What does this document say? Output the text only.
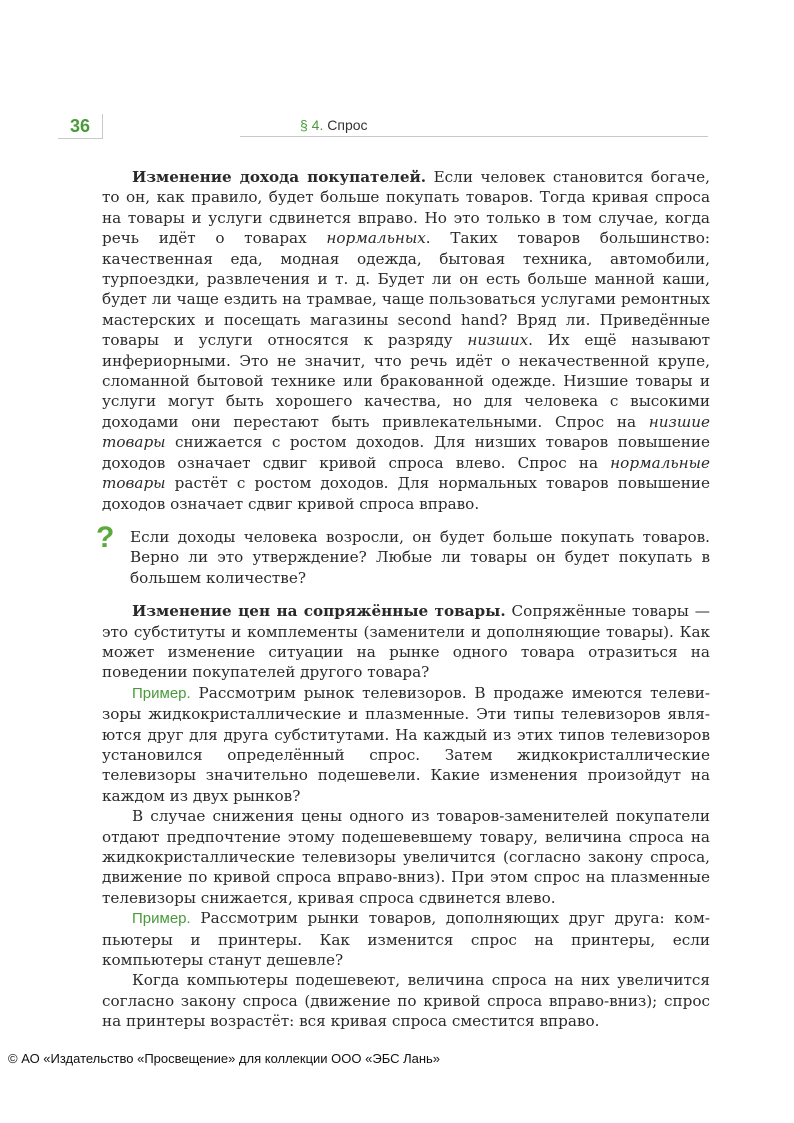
36	§ 4. Спрос

Изменение дохода покупателей. Если человек становится богаче, то он, как правило, будет больше покупать товаров. Тогда кривая спроса на товары и услуги сдвинется вправо. Но это только в том случае, когда речь идёт о товарах нормальных. Таких товаров большинство: качественная еда, модная одежда, бытовая техника, автомобили, турпоездки, развлечения и т. д. Будет ли он есть больше манной каши, будет ли чаще ездить на трамвае, чаще пользоваться услугами ремонтных мастерских и посещать магазины second hand? Вряд ли. Приведённые товары и услуги относятся к разряду низших. Их ещё называют инфериорными. Это не значит, что речь идёт о некачественной крупе, сломанной бытовой технике или бракованной одежде. Низшие товары и услуги могут быть хорошего качества, но для человека с высокими доходами они перестают быть привлекательными. Спрос на низшие товары снижается с ростом доходов. Для низших товаров повышение доходов означает сдвиг кривой спроса влево. Спрос на нормальные товары растёт с ростом доходов. Для нормальных товаров повышение доходов означает сдвиг кривой спроса вправо.

? Если доходы человека возросли, он будет больше покупать товаров. Верно ли это утверждение? Любые ли товары он будет покупать в большем количестве?

Изменение цен на сопряжённые товары. Сопряжённые товары — это субституты и комплементы (заменители и дополняющие товары). Как может изменение ситуации на рынке одного товара отразиться на поведении покупателей другого товара?

Пример. Рассмотрим рынок телевизоров. В продаже имеются телевизоры жидкокристаллические и плазменные. Эти типы телевизоров являются друг для друга субститутами. На каждый из этих типов телевизоров установился определённый спрос. Затем жидкокристаллические телевизоры значительно подешевели. Какие изменения произойдут на каждом из двух рынков?

В случае снижения цены одного из товаров-заменителей покупатели отдают предпочтение этому подешевевшему товару, величина спроса на жидкокристаллические телевизоры увеличится (согласно закону спроса, движение по кривой спроса вправо-вниз). При этом спрос на плазменные телевизоры снижается, кривая спроса сдвинется влево.

Пример. Рассмотрим рынки товаров, дополняющих друг друга: компьютеры и принтеры. Как изменится спрос на принтеры, если компьютеры станут дешевле?

Когда компьютеры подешевеют, величина спроса на них увеличится согласно закону спроса (движение по кривой спроса вправо-вниз); спрос на принтеры возрастёт: вся кривая спроса сместится вправо.

© АО «Издательство «Просвещение» для коллекции ООО «ЭБС Лань»
